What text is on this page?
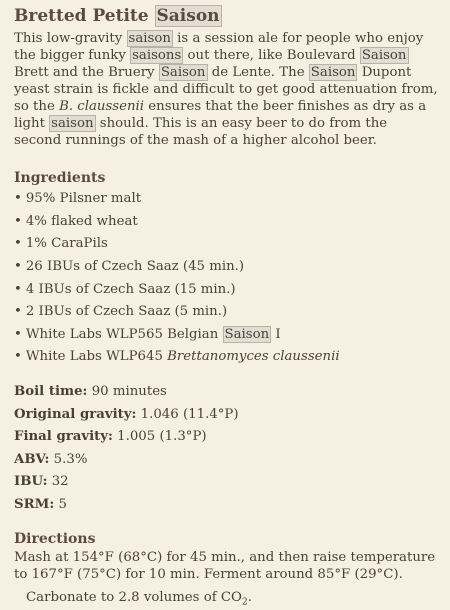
Bretted Petite Saison

This low-gravity saison is a session ale for people who enjoy the bigger funky saisons out there, like Boulevard Saison Brett and the Bruery Saison de Lente. The Saison Dupont yeast strain is fickle and difficult to get good attenuation from, so the B. claussenii ensures that the beer finishes as dry as a light saison should. This is an easy beer to do from the second runnings of the mash of a higher alcohol beer.

Ingredients
• 95% Pilsner malt
• 4% flaked wheat
• 1% CaraPils
• 26 IBUs of Czech Saaz (45 min.)
• 4 IBUs of Czech Saaz (15 min.)
• 2 IBUs of Czech Saaz (5 min.)
• White Labs WLP565 Belgian Saison I
• White Labs WLP645 Brettanomyces claussenii
Boil time: 90 minutes
Original gravity: 1.046 (11.4°P)
Final gravity: 1.005 (1.3°P)
ABV: 5.3%
IBU: 32
SRM: 5
Directions

Mash at 154°F (68°C) for 45 min., and then raise temperature to 167°F (75°C) for 10 min. Ferment around 85°F (29°C).

Carbonate to 2.8 volumes of $CO_2$.
